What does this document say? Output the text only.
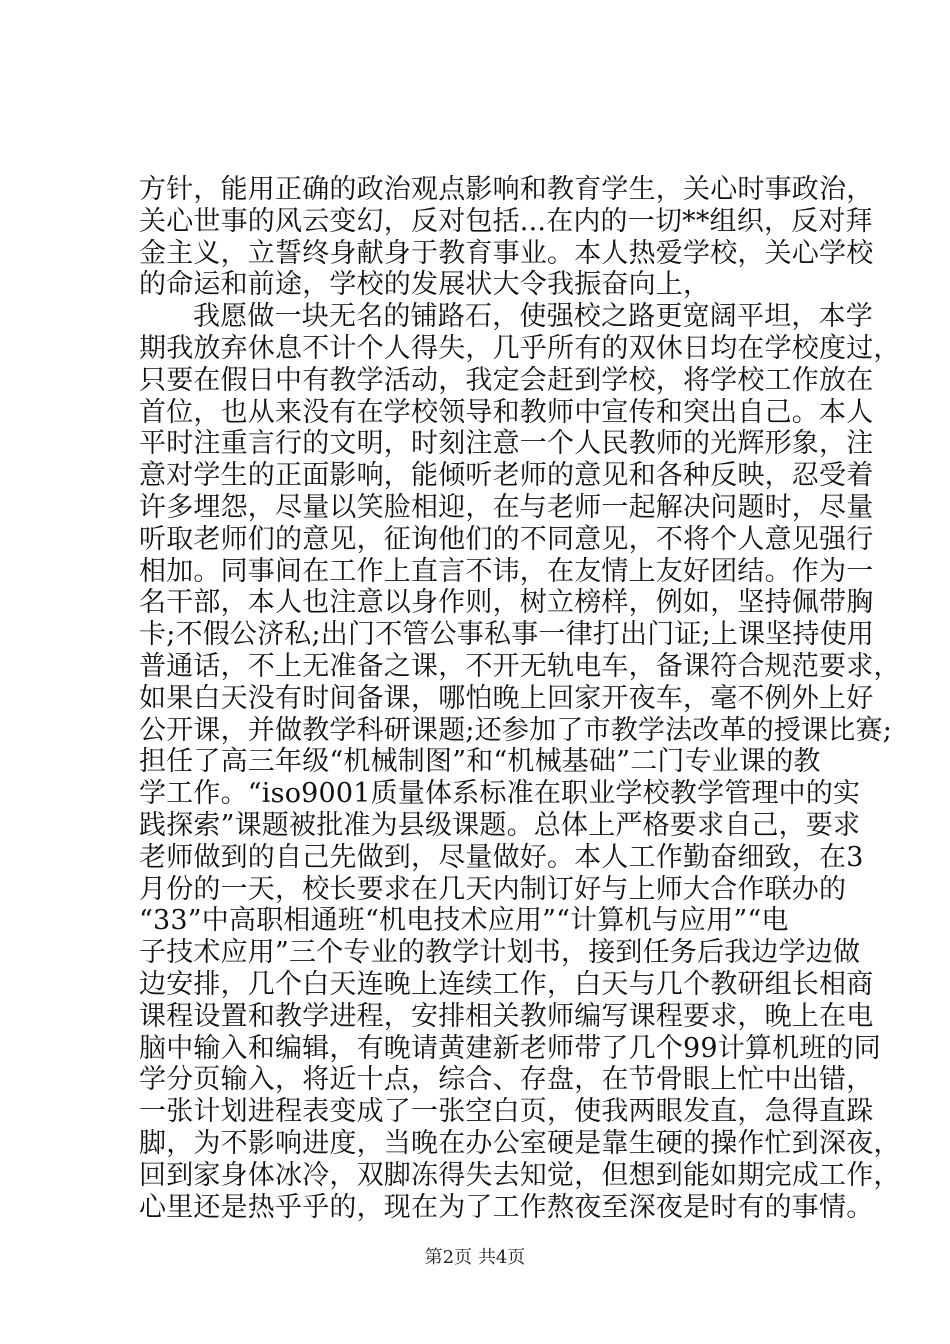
方针，能用正确的政治观点影响和教育学生，关心时事政治，
关心世事的风云变幻，反对包括...在内的一切**组织，反对拜
金主义，立誓终身献身于教育事业。本人热爱学校，关心学校
的命运和前途，学校的发展状大令我振奋向上，
我愿做一块无名的铺路石，使强校之路更宽阔平坦，本学
期我放弃休息不计个人得失，几乎所有的双休日均在学校度过，
只要在假日中有教学活动，我定会赶到学校，将学校工作放在
首位，也从来没有在学校领导和教师中宣传和突出自己。本人
平时注重言行的文明，时刻注意一个人民教师的光辉形象，注
意对学生的正面影响，能倾听老师的意见和各种反映，忍受着
许多埋怨，尽量以笑脸相迎，在与老师一起解决问题时，尽量
听取老师们的意见，征询他们的不同意见，不将个人意见强行
相加。同事间在工作上直言不讳，在友情上友好团结。作为一
名干部，本人也注意以身作则，树立榜样，例如，坚持佩带胸
卡;不假公济私;出门不管公事私事一律打出门证;上课坚持使用
普通话，不上无准备之课，不开无轨电车，备课符合规范要求，
如果白天没有时间备课，哪怕晚上回家开夜车，毫不例外上好
公开课，并做教学科研课题;还参加了市教学法改革的授课比赛;
担任了高三年级“机械制图”和“机械基础”二门专业课的教
学工作。“iso9001质量体系标准在职业学校教学管理中的实
践探索”课题被批准为县级课题。总体上严格要求自己，要求
老师做到的自己先做到，尽量做好。本人工作勤奋细致，在3
月份的一天，校长要求在几天内制订好与上师大合作联办的
“33”中高职相通班“机电技术应用”“计算机与应用”“电
子技术应用”三个专业的教学计划书，接到任务后我边学边做
边安排，几个白天连晚上连续工作，白天与几个教研组长相商
课程设置和教学进程，安排相关教师编写课程要求，晚上在电
脑中输入和编辑，有晚请黄建新老师带了几个99计算机班的同
学分页输入，将近十点，综合、存盘，在节骨眼上忙中出错，
一张计划进程表变成了一张空白页，使我两眼发直，急得直跺
脚，为不影响进度，当晚在办公室硬是靠生硬的操作忙到深夜，
回到家身体冰冷，双脚冻得失去知觉，但想到能如期完成工作，
心里还是热乎乎的，现在为了工作熬夜至深夜是时有的事情。
第2页 共4页
